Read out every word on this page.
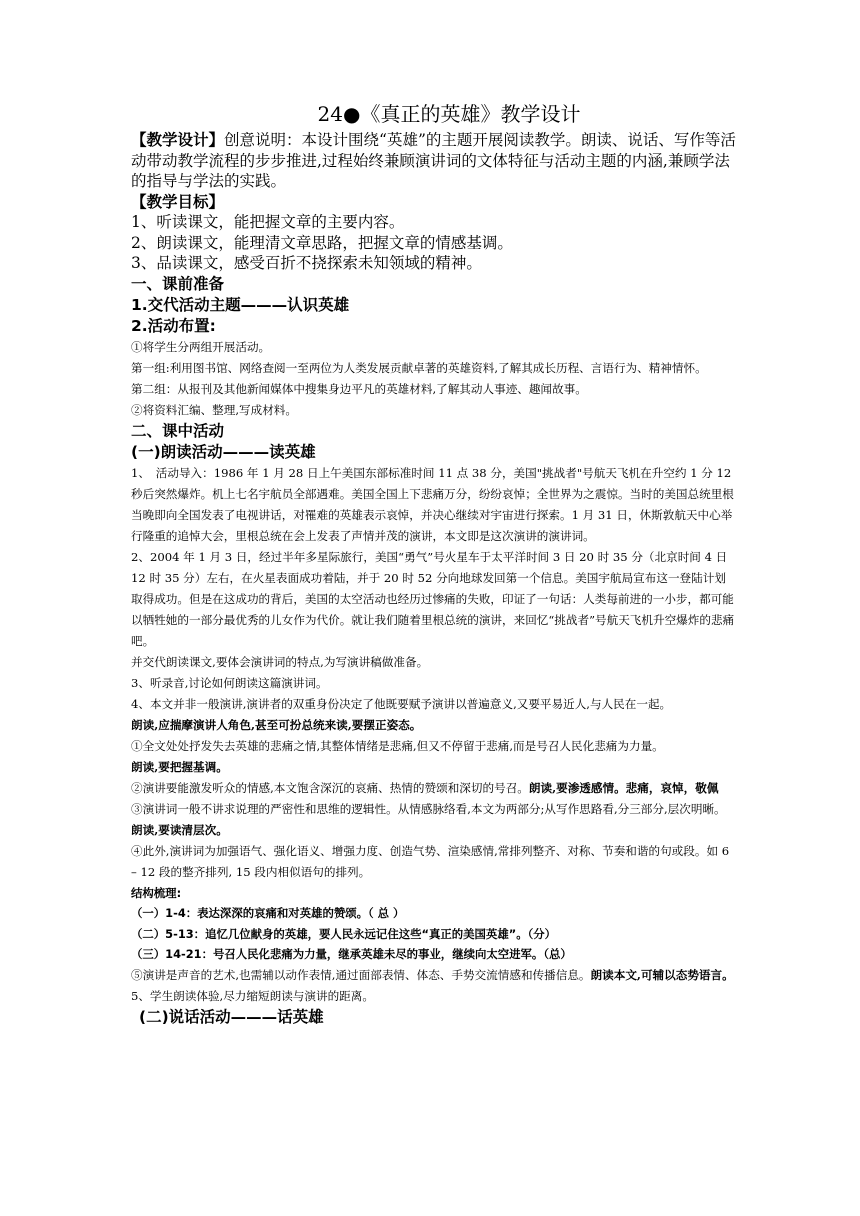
24●《真正的英雄》教学设计

【教学设计】创意说明：本设计围绕“英雄”的主题开展阅读教学。朗读、说话、写作等活动带动教学流程的步步推进,过程始终兼顾演讲词的文体特征与活动主题的内涵,兼顾学法的指导与学法的实践。

【教学目标】

1、听读课文，能把握文章的主要内容。

2、朗读课文，能理清文章思路，把握文章的情感基调。

3、品读课文，感受百折不挠探索未知领域的精神。

一、课前准备

1.交代活动主题———认识英雄

2.活动布置:

①将学生分两组开展活动。

第一组:利用图书馆、网络查阅一至两位为人类发展贡献卓著的英雄资料,了解其成长历程、言语行为、精神情怀。

第二组：从报刊及其他新闻媒体中搜集身边平凡的英雄材料,了解其动人事迹、趣闻故事。

②将资料汇编、整理,写成材料。

二、课中活动

(一)朗读活动———读英雄

1、　活动导入：1986 年 1 月 28 日上午美国东部标准时间 11 点 38 分，美国"挑战者"号航天飞机在升空约 1 分 12 秒后突然爆炸。机上七名宇航员全部遇难。美国全国上下悲痛万分，纷纷哀悼；全世界为之震惊。当时的美国总统里根当晚即向全国发表了电视讲话，对罹难的英雄表示哀悼，并决心继续对宇宙进行探索。1 月 31 日，休斯敦航天中心举行隆重的追悼大会，里根总统在会上发表了声情并茂的演讲，本文即是这次演讲的演讲词。

2、2004 年 1 月 3 日，经过半年多星际旅行，美国“勇气”号火星车于太平洋时间 3 日 20 时 35 分（北京时间 4 日 12 时 35 分）左右，在火星表面成功着陆，并于 20 时 52 分向地球发回第一个信息。美国宇航局宣布这一登陆计划取得成功。但是在这成功的背后，美国的太空活动也经历过惨痛的失败，印证了一句话：人类每前进的一小步，都可能以牺牲她的一部分最优秀的儿女作为代价。就让我们随着里根总统的演讲，来回忆“挑战者”号航天飞机升空爆炸的悲痛吧。

并交代朗读课文,要体会演讲词的特点,为写演讲稿做准备。

3、听录音,讨论如何朗读这篇演讲词。

4、本文并非一般演讲,演讲者的双重身份决定了他既要赋予演讲以普遍意义,又要平易近人,与人民在一起。

朗读,应揣摩演讲人角色,甚至可扮总统来读,要摆正姿态。

①全文处处抒发失去英雄的悲痛之情,其整体情绪是悲痛,但又不停留于悲痛,而是号召人民化悲痛为力量。

朗读,要把握基调。

②演讲要能激发听众的情感,本文饱含深沉的哀痛、热情的赞颂和深切的号召。朗读,要渗透感情。悲痛，哀悼，敬佩

③演讲词一般不讲求说理的严密性和思维的逻辑性。从情感脉络看,本文为两部分;从写作思路看,分三部分,层次明晰。朗读,要读清层次。

④此外,演讲词为加强语气、强化语义、增强力度、创造气势、渲染感情,常排列整齐、对称、节奏和谐的句或段。如 6 – 12 段的整齐排列, 15 段内相似语句的排列。

结构梳理:

（一）1-4：表达深深的哀痛和对英雄的赞颂。（ 总 ）

（二）5-13：追忆几位献身的英雄，要人民永远记住这些“真正的美国英雄”。（分）

（三）14-21：号召人民化悲痛为力量，继承英雄未尽的事业，继续向太空进军。（总）

⑤演讲是声音的艺术,也需辅以动作表情,通过面部表情、体态、手势交流情感和传播信息。朗读本文,可辅以态势语言。

5、学生朗读体验,尽力缩短朗读与演讲的距离。

(二)说话活动———话英雄
